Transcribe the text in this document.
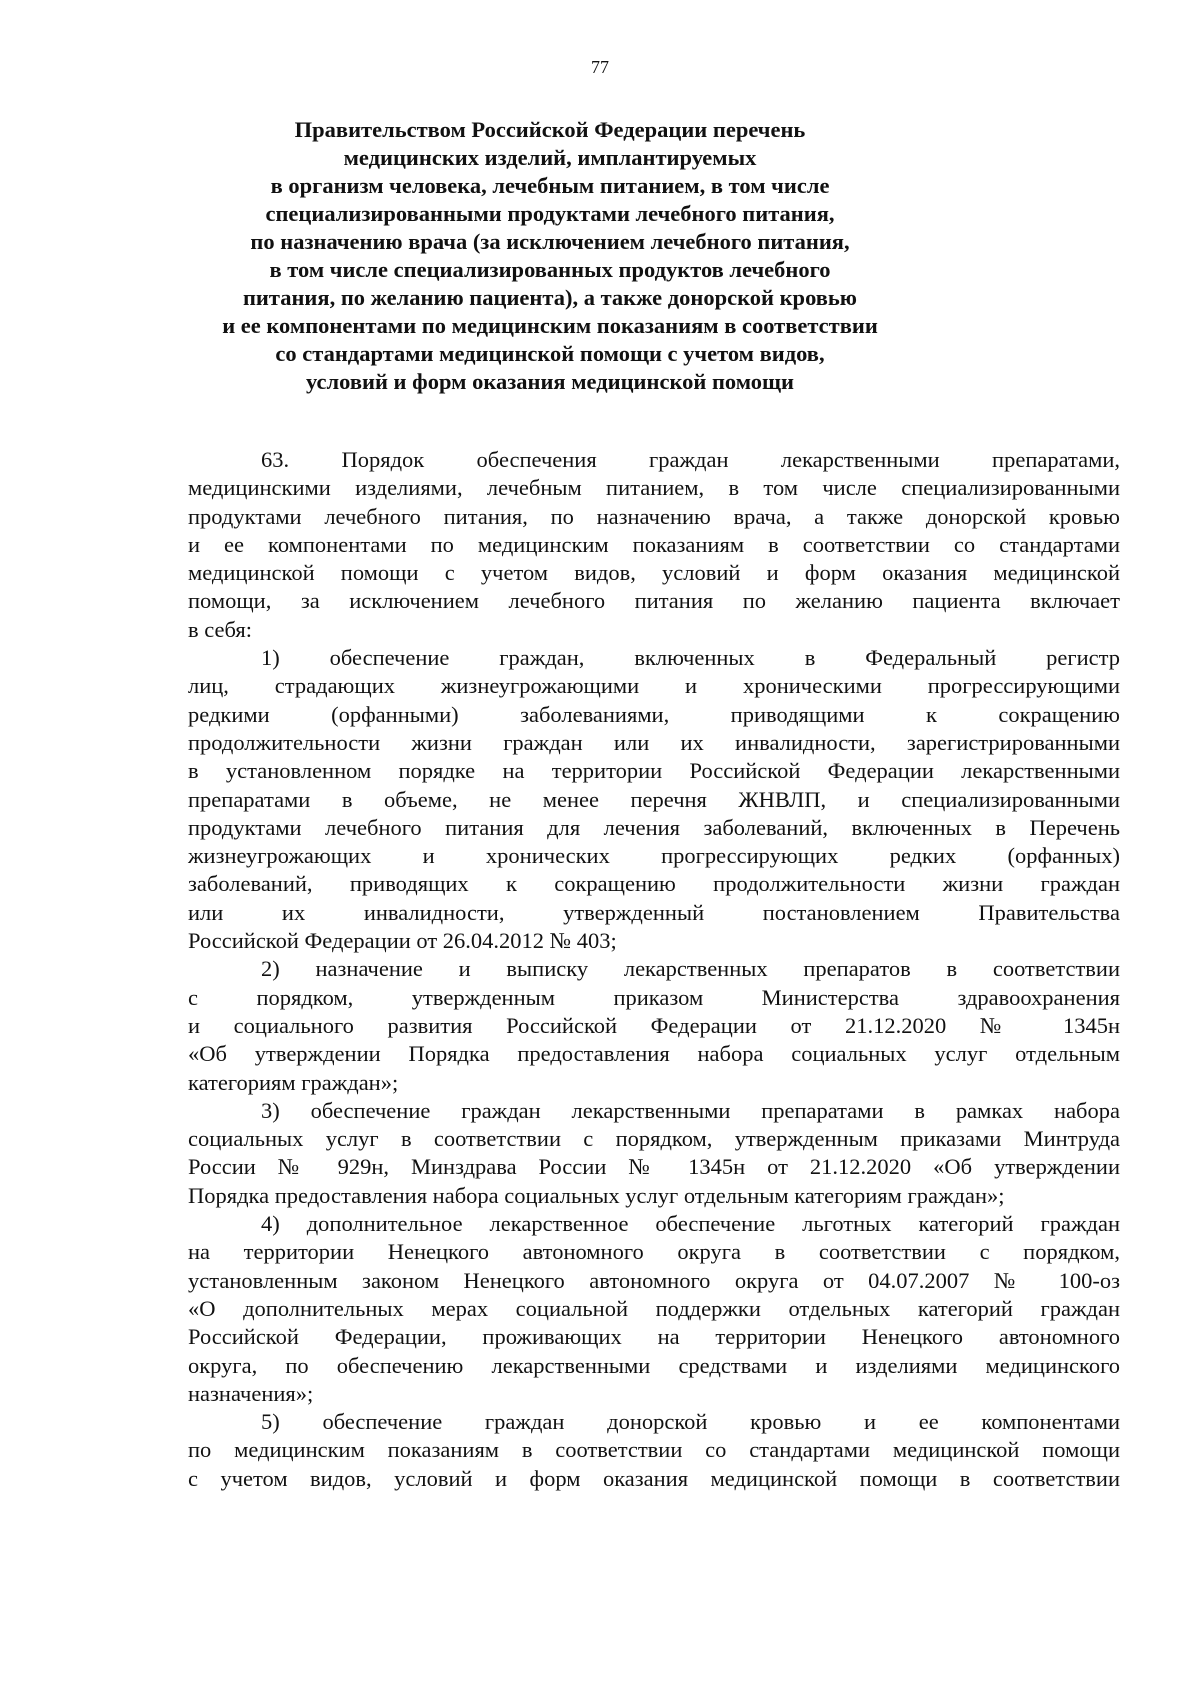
77
Правительством Российской Федерации перечень
медицинских изделий, имплантируемых
в организм человека, лечебным питанием, в том числе
специализированными продуктами лечебного питания,
по назначению врача (за исключением лечебного питания,
в том числе специализированных продуктов лечебного
питания, по желанию пациента), а также донорской кровью
и ее компонентами по медицинским показаниям в соответствии
со стандартами медицинской помощи с учетом видов,
условий и форм оказания медицинской помощи
63. Порядок обеспечения граждан лекарственными препаратами,
медицинскими изделиями, лечебным питанием, в том числе специализированными
продуктами лечебного питания, по назначению врача, а также донорской кровью
и ее компонентами по медицинским показаниям в соответствии со стандартами
медицинской помощи с учетом видов, условий и форм оказания медицинской
помощи, за исключением лечебного питания по желанию пациента включает
в себя:
1) обеспечение граждан, включенных в Федеральный регистр
лиц, страдающих жизнеугрожающими и хроническими прогрессирующими
редкими (орфанными) заболеваниями, приводящими к сокращению
продолжительности жизни граждан или их инвалидности, зарегистрированными
в установленном порядке на территории Российской Федерации лекарственными
препаратами в объеме, не менее перечня ЖНВЛП, и специализированными
продуктами лечебного питания для лечения заболеваний, включенных в Перечень
жизнеугрожающих и хронических прогрессирующих редких (орфанных)
заболеваний, приводящих к сокращению продолжительности жизни граждан
или их инвалидности, утвержденный постановлением Правительства
Российской Федерации от 26.04.2012 № 403;
2) назначение и выписку лекарственных препаратов в соответствии
с порядком, утвержденным приказом Министерства здравоохранения
и социального развития Российской Федерации от 21.12.2020 № 1345н
«Об утверждении Порядка предоставления набора социальных услуг отдельным
категориям граждан»;
3) обеспечение граждан лекарственными препаратами в рамках набора
социальных услуг в соответствии с порядком, утвержденным приказами Минтруда
России № 929н, Минздрава России № 1345н от 21.12.2020 «Об утверждении
Порядка предоставления набора социальных услуг отдельным категориям граждан»;
4) дополнительное лекарственное обеспечение льготных категорий граждан
на территории Ненецкого автономного округа в соответствии с порядком,
установленным законом Ненецкого автономного округа от 04.07.2007 № 100-оз
«О дополнительных мерах социальной поддержки отдельных категорий граждан
Российской Федерации, проживающих на территории Ненецкого автономного
округа, по обеспечению лекарственными средствами и изделиями медицинского
назначения»;
5) обеспечение граждан донорской кровью и ее компонентами
по медицинским показаниям в соответствии со стандартами медицинской помощи
с учетом видов, условий и форм оказания медицинской помощи в соответствии
